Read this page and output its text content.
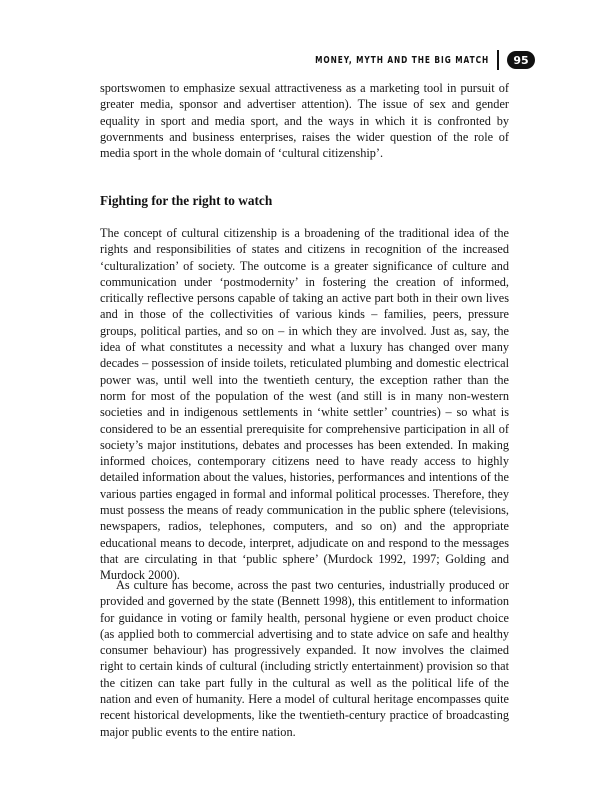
MONEY, MYTH AND THE BIG MATCH	95

sportswomen to emphasize sexual attractiveness as a marketing tool in pursuit of greater media, sponsor and advertiser attention). The issue of sex and gender equality in sport and media sport, and the ways in which it is confronted by governments and business enterprises, raises the wider question of the role of media sport in the whole domain of ‘cultural citizenship’.

Fighting for the right to watch

The concept of cultural citizenship is a broadening of the traditional idea of the rights and responsibilities of states and citizens in recognition of the increased ‘culturalization’ of society. The outcome is a greater significance of culture and communication under ‘postmodernity’ in fostering the creation of informed, critically reflective persons capable of taking an active part both in their own lives and in those of the collectivities of various kinds – families, peers, pressure groups, political parties, and so on – in which they are involved. Just as, say, the idea of what constitutes a necessity and what a luxury has changed over many decades – possession of inside toilets, reticulated plumbing and domestic electrical power was, until well into the twentieth century, the exception rather than the norm for most of the population of the west (and still is in many non-western societies and in indigenous settlements in ‘white settler’ countries) – so what is considered to be an essential prerequisite for comprehensive participation in all of society’s major institutions, debates and processes has been extended. In making informed choices, contemporary citizens need to have ready access to highly detailed information about the values, histories, performances and intentions of the various parties engaged in formal and informal political processes. Therefore, they must possess the means of ready communication in the public sphere (televisions, newspapers, radios, telephones, computers, and so on) and the appropriate educational means to decode, interpret, adjudicate on and respond to the messages that are circulating in that ‘public sphere’ (Murdock 1992, 1997; Golding and Murdock 2000).

As culture has become, across the past two centuries, industrially produced or provided and governed by the state (Bennett 1998), this entitlement to information for guidance in voting or family health, personal hygiene or even product choice (as applied both to commercial advertising and to state advice on safe and healthy consumer behaviour) has progressively expanded. It now involves the claimed right to certain kinds of cultural (including strictly entertainment) provision so that the citizen can take part fully in the cultural as well as the political life of the nation and even of humanity. Here a model of cultural heritage encompasses quite recent historical developments, like the twentieth-century practice of broadcasting major public events to the entire nation.
